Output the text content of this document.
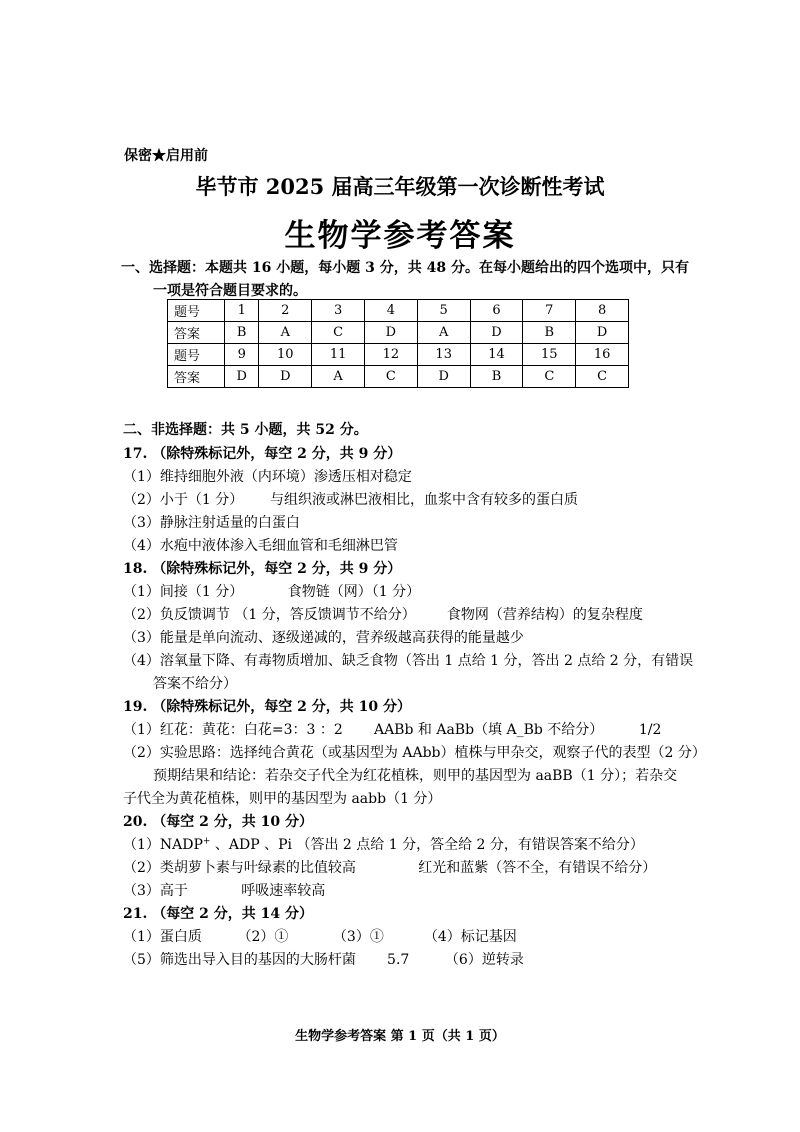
保密★启用前
毕节市 2025 届高三年级第一次诊断性考试
生物学参考答案
一、选择题：本题共 16 小题，每小题 3 分，共 48 分。在每小题给出的四个选项中，只有
一项是符合题目要求的。
题号	1	2	3	4	5	6	7	8
答案	B	A	C	D	A	D	B	D
题号	9	10	11	12	13	14	15	16
答案	D	D	A	C	D	B	C	C
二、非选择题：共 5 小题，共 52 分。
17. （除特殊标记外，每空 2 分，共 9 分）
（1）维持细胞外液（内环境）渗透压相对稳定
（2）小于（1 分）      与组织液或淋巴液相比，血浆中含有较多的蛋白质
（3）静脉注射适量的白蛋白
（4）水疱中液体渗入毛细血管和毛细淋巴管
18. （除特殊标记外，每空 2 分，共 9 分）
（1）间接（1 分）          食物链（网）（1 分）
（2）负反馈调节 （1 分，答反馈调节不给分）       食物网（营养结构）的复杂程度
（3）能量是单向流动、逐级递减的，营养级越高获得的能量越少
（4）溶氧量下降、有毒物质增加、缺乏食物（答出 1 点给 1 分，答出 2 点给 2 分，有错误
答案不给分）
19. （除特殊标记外，每空 2 分，共 10 分）
（1）红花：黄花：白花=3：3 ：2       AABb 和 AaBb（填 A_Bb 不给分）        1/2
（2）实验思路：选择纯合黄花（或基因型为 AAbb）植株与甲杂交，观察子代的表型（2 分）
预期结果和结论：若杂交子代全为红花植株，则甲的基因型为 aaBB（1 分）；若杂交
子代全为黄花植株，则甲的基因型为 aabb（1 分）
20. （每空 2 分，共 10 分）
（1）NADP+ 、ADP 、Pi （答出 2 点给 1 分，答全给 2 分，有错误答案不给分）
（2）类胡萝卜素与叶绿素的比值较高              红光和蓝紫（答不全，有错误不给分）
（3）高于            呼吸速率较高
21. （每空 2 分，共 14 分）
（1）蛋白质        （2）①          （3）①         （4）标记基因
（5）筛选出导入目的基因的大肠杆菌       5.7        （6）逆转录
生物学参考答案 第 1 页（共 1 页）
